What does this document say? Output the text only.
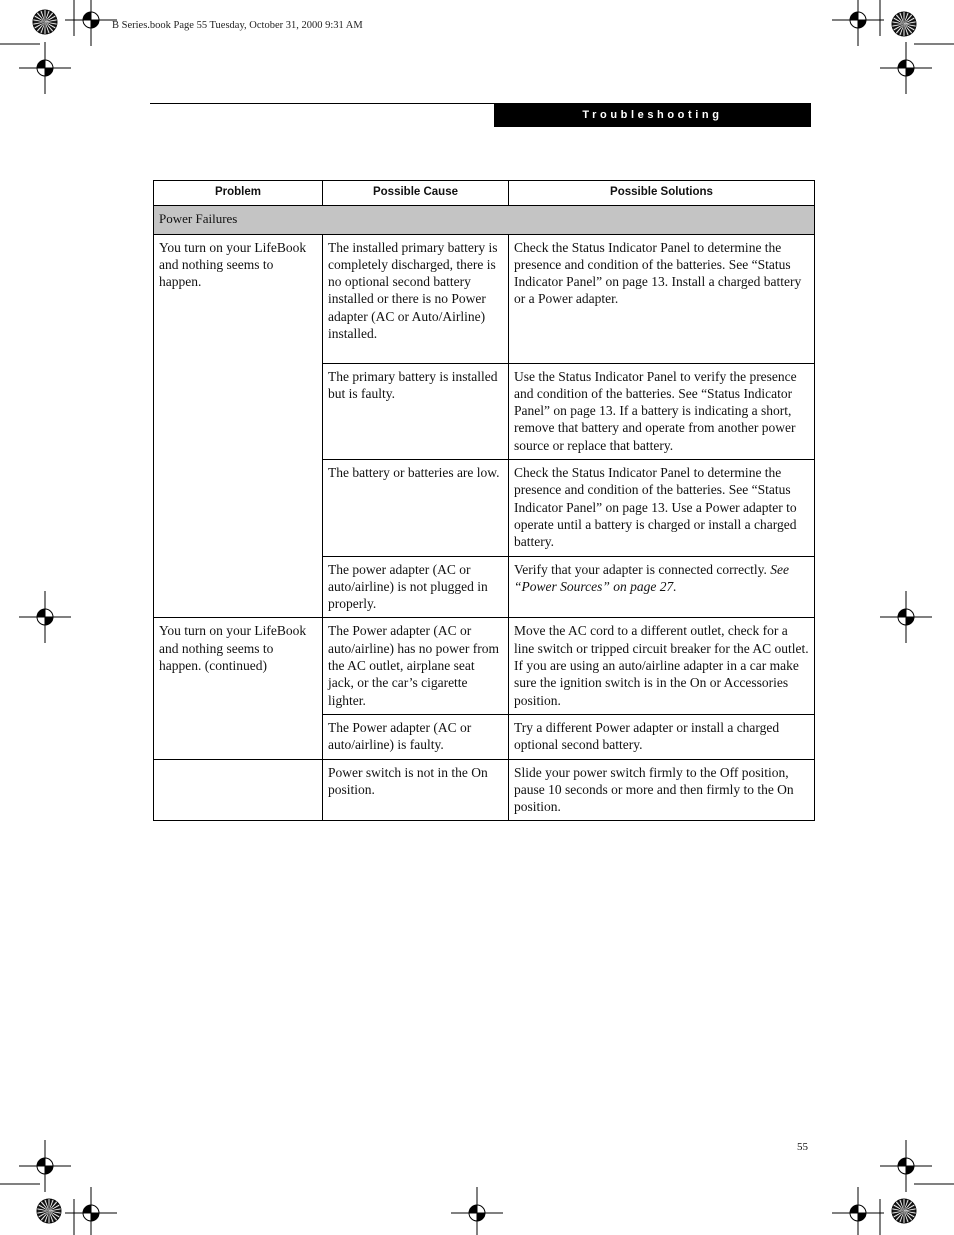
B Series.book Page 55 Tuesday, October 31, 2000 9:31 AM
Troubleshooting
Problem	Possible Cause	Possible Solutions
Power Failures		
You turn on your LifeBook and nothing seems to happen.	The installed primary battery is completely discharged, there is no optional second battery installed or there is no Power adapter (AC or Auto/Airline) installed.	Check the Status Indicator Panel to determine the presence and condition of the batteries. See “Status Indicator Panel” on page 13. Install a charged battery or a Power adapter.
	The primary battery is installed but is faulty.	Use the Status Indicator Panel to verify the presence and condition of the batteries. See “Status Indicator Panel” on page 13. If a battery is indicating a short, remove that battery and operate from another power source or replace that battery.
	The battery or batteries are low.	Check the Status Indicator Panel to determine the presence and condition of the batteries. See “Status Indicator Panel” on page 13. Use a Power adapter to operate until a battery is charged or install a charged battery.
	The power adapter (AC or auto/airline) is not plugged in properly.	Verify that your adapter is connected correctly. See “Power Sources” on page 27.
You turn on your LifeBook and nothing seems to happen. (continued)	The Power adapter (AC or auto/airline) has no power from the AC outlet, airplane seat jack, or the car’s cigarette lighter.	Move the AC cord to a different outlet, check for a line switch or tripped circuit breaker for the AC outlet. If you are using an auto/airline adapter in a car make sure the ignition switch is in the On or Accessories position.
	The Power adapter (AC or auto/airline) is faulty.	Try a different Power adapter or install a charged optional second battery.
	Power switch is not in the On position.	Slide your power switch firmly to the Off position, pause 10 seconds or more and then firmly to the On position.
55
